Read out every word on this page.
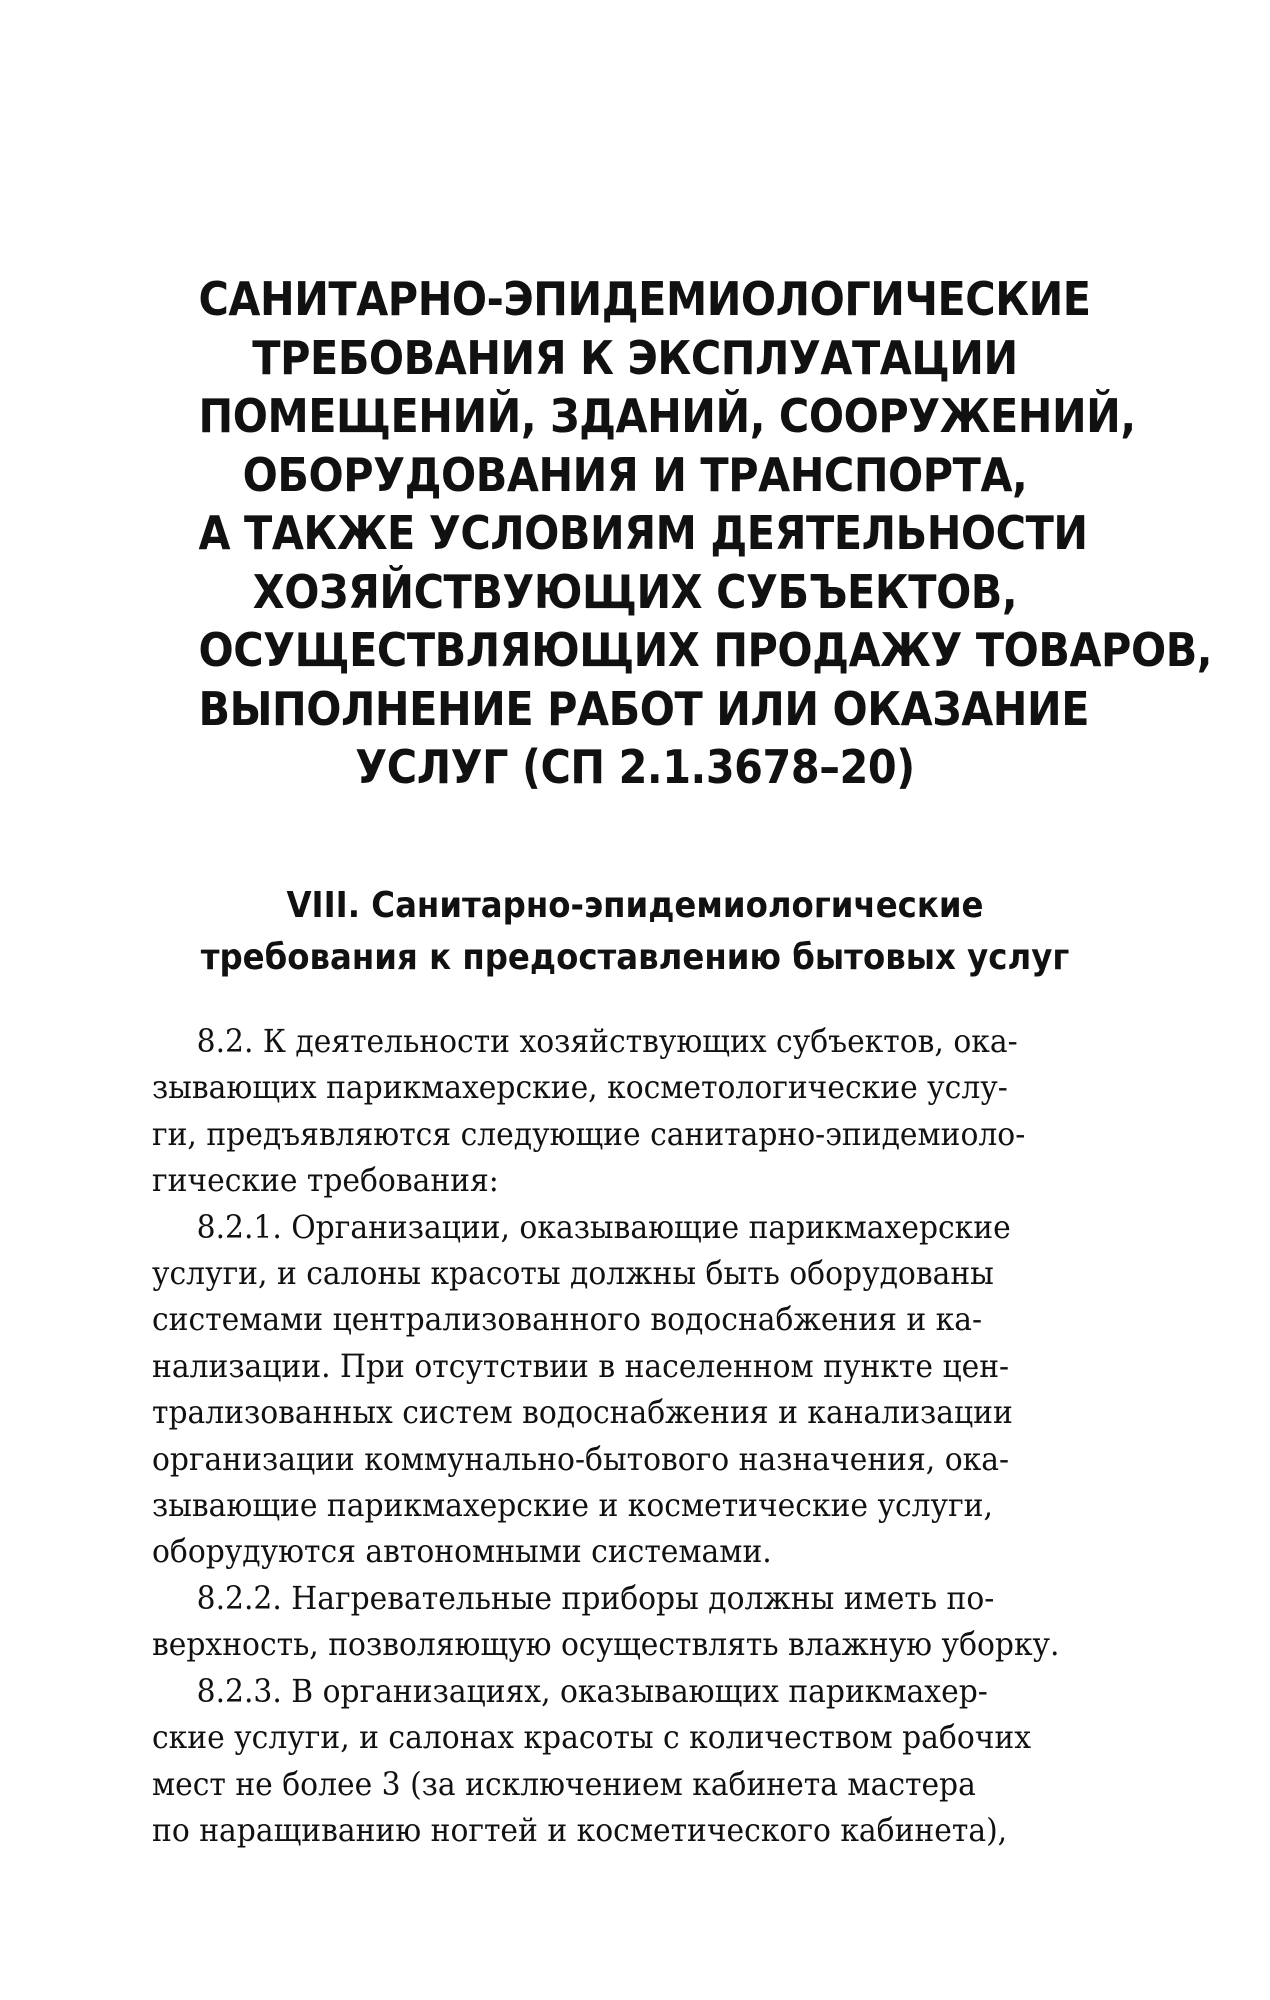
САНИТАРНО-ЭПИДЕМИОЛОГИЧЕСКИЕ
ТРЕБОВАНИЯ К ЭКСПЛУАТАЦИИ
ПОМЕЩЕНИЙ, ЗДАНИЙ, СООРУЖЕНИЙ,
ОБОРУДОВАНИЯ И ТРАНСПОРТА,
А ТАКЖЕ УСЛОВИЯМ ДЕЯТЕЛЬНОСТИ
ХОЗЯЙСТВУЮЩИХ СУБЪЕКТОВ,
ОСУЩЕСТВЛЯЮЩИХ ПРОДАЖУ ТОВАРОВ,
ВЫПОЛНЕНИЕ РАБОТ ИЛИ ОКАЗАНИЕ
УСЛУГ (СП 2.1.3678–20)
VIII. Санитарно-эпидемиологические
требования к предоставлению бытовых услуг
8.2. К деятельности хозяйствующих субъектов, ока-
зывающих парикмахерские, косметологические услу-
ги, предъявляются следующие санитарно-эпидемиоло-
гические требования:
8.2.1. Организации, оказывающие парикмахерские
услуги, и салоны красоты должны быть оборудованы
системами централизованного водоснабжения и ка-
нализации. При отсутствии в населенном пункте цен-
трализованных систем водоснабжения и канализации
организации коммунально-бытового назначения, ока-
зывающие парикмахерские и косметические услуги,
оборудуются автономными системами.
8.2.2. Нагревательные приборы должны иметь по-
верхность, позволяющую осуществлять влажную уборку.
8.2.3. В организациях, оказывающих парикмахер-
ские услуги, и салонах красоты с количеством рабочих
мест не более 3 (за исключением кабинета мастера
по наращиванию ногтей и косметического кабинета),
